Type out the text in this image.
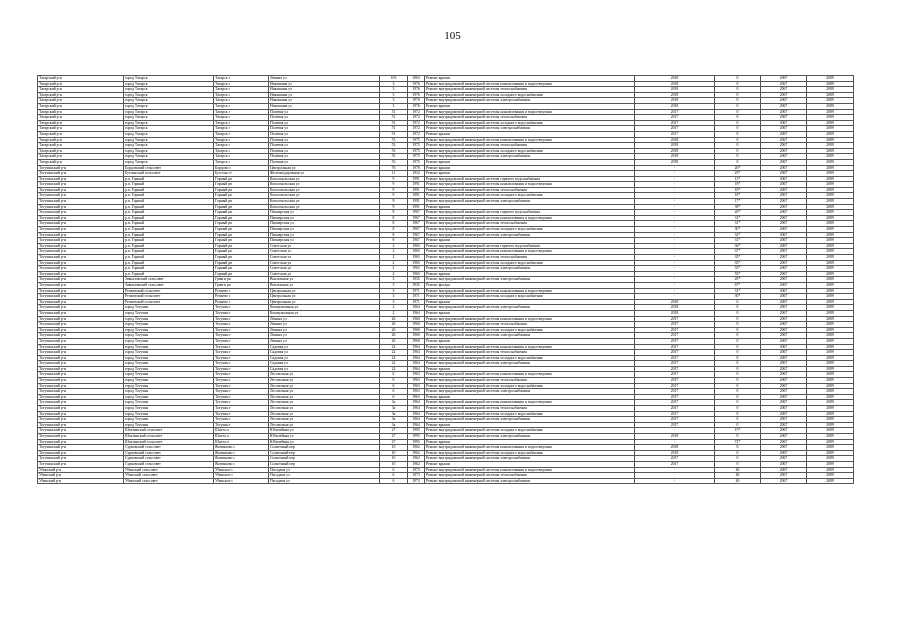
105
Татарский р-н	город Татарск	Татарск г	Ленина ул	103	1963	Ремонт крыши	2018	0	2067	2089
Татарский р-н	город Татарск	Татарск г	Никишина ул	3	1976	Ремонт внутридомовой инженерной системы канализования и водоотведения	2018	0	2067	2089
Татарский р-н	город Татарск	Татарск г	Никишина ул	3	1976	Ремонт внутридомовой инженерной системы теплоснабжения	2018	0	2067	2089
Татарский р-н	город Татарск	Татарск г	Никишина ул	3	1976	Ремонт внутридомовой инженерной системы холодного водоснабжения	2018	0	2067	2089
Татарский р-н	город Татарск	Татарск г	Никишина ул	3	1976	Ремонт внутридомовой инженерной системы электроснабжения	2018	0	2067	2089
Татарский р-н	город Татарск	Татарск г	Никишина ул	3	1976	Ремонт крыши	2018	0	2067	2089
Татарский р-н	город Татарск	Татарск г	Полевая ул	51	1972	Ремонт внутридомовой инженерной системы канализования и водоотведения	2017	0	2067	2089
Татарский р-н	город Татарск	Татарск г	Полевая ул	51	1972	Ремонт внутридомовой инженерной системы теплоснабжения	2017	0	2067	2089
Татарский р-н	город Татарск	Татарск г	Полевая ул	51	1972	Ремонт внутридомовой инженерной системы холодного водоснабжения	2017	0	2067	2089
Татарский р-н	город Татарск	Татарск г	Полевая ул	51	1972	Ремонт внутридомовой инженерной системы электроснабжения	2017	0	2067	2089
Татарский р-н	город Татарск	Татарск г	Полевая ул	51	1972	Ремонт крыши	2017	0	2067	2089
Татарский р-н	город Татарск	Татарск г	Полевая ул	53	1975	Ремонт внутридомовой инженерной системы канализования и водоотведения	2018	0	2067	2089
Татарский р-н	город Татарск	Татарск г	Полевая ул	53	1975	Ремонт внутридомовой инженерной системы теплоснабжения	2018	0	2067	2089
Татарский р-н	город Татарск	Татарск г	Полевая ул	53	1975	Ремонт внутридомовой инженерной системы холодного водоснабжения	2018	0	2067	2089
Татарский р-н	город Татарск	Татарск г	Полевая ул	53	1975	Ремонт внутридомовой инженерной системы электроснабжения	2018	0	2067	2089
Татарский р-н	город Татарск	Татарск г	Полевая ул	53	1975	Ремонт крыши	2018	0	2067	2089
Тогучинский р-н	Борцовский сельсовет	Борцово с	Центральная ул	76	1978	Ремонт крыши	-	20*	2067	2089
Тогучинский р-н	Бутгинский сельсовет	Буготак ст	Железнодорожная ул	11	1932	Ремонт крыши	-	25*	2067	2089
Тогучинский р-н	р.п. Горный	Горный рп	Комсомольская ул	9	1991	Ремонт внутридомовой инженерной системы горячего водоснабжения	-	13*	2067	2089
Тогучинский р-н	р.п. Горный	Горный рп	Комсомольская ул	9	1991	Ремонт внутридомовой инженерной системы канализования и водоотведения	-	18*	2067	2089
Тогучинский р-н	р.п. Горный	Горный рп	Комсомольская ул	9	1991	Ремонт внутридомовой инженерной системы теплоснабжения	-	18*	2067	2089
Тогучинский р-н	р.п. Горный	Горный рп	Комсомольская ул	9	1991	Ремонт внутридомовой инженерной системы холодного водоснабжения	-	18*	2067	2089
Тогучинский р-н	р.п. Горный	Горный рп	Комсомольская ул	9	1991	Ремонт внутридомовой инженерной системы электроснабжения	-	17*	2067	2089
Тогучинский р-н	р.п. Горный	Горный рп	Комсомольская ул	9	1991	Ремонт крыши	-	39*	2067	2089
Тогучинский р-н	р.п. Горный	Горный рп	Пионерская ул	8	1967	Ремонт внутридомовой инженерной системы горячего водоснабжения	-	20*	2067	2089
Тогучинский р-н	р.п. Горный	Горный рп	Пионерская ул	8	1967	Ремонт внутридомовой инженерной системы канализования и водоотведения	-	31*	2067	2089
Тогучинский р-н	р.п. Горный	Горный рп	Пионерская ул	8	1967	Ремонт внутридомовой инженерной системы теплоснабжения	-	31*	2067	2089
Тогучинский р-н	р.п. Горный	Горный рп	Пионерская ул	8	1967	Ремонт внутридомовой инженерной системы холодного водоснабжения	-	30*	2067	2089
Тогучинский р-н	р.п. Горный	Горный рп	Пионерская ул	8	1967	Ремонт внутридомовой инженерной системы электроснабжения	-	32*	2067	2089
Тогучинский р-н	р.п. Горный	Горный рп	Пионерская ул	8	1967	Ремонт крыши	-	31*	2067	2089
Тогучинский р-н	р.п. Горный	Горный рп	Советская ул	2	1965	Ремонт внутридомовой инженерной системы горячего водоснабжения	-	36*	2067	2089
Тогучинский р-н	р.п. Горный	Горный рп	Советская ул	2	1965	Ремонт внутридомовой инженерной системы канализования и водоотведения	-	37*	2067	2089
Тогучинский р-н	р.п. Горный	Горный рп	Советская ул	2	1965	Ремонт внутридомовой инженерной системы теплоснабжения	-	35*	2067	2089
Тогучинский р-н	р.п. Горный	Горный рп	Советская ул	2	1965	Ремонт внутридомовой инженерной системы холодного водоснабжения	-	35*	2067	2089
Тогучинский р-н	р.п. Горный	Горный рп	Советская ул	2	1965	Ремонт внутридомовой инженерной системы электроснабжения	-	35*	2067	2089
Тогучинский р-н	р.п. Горный	Горный рп	Советская ул	2	1965	Ремонт крыши	-	55*	2067	2089
Тогучинский р-н	Завьяловский сельсовет	Гравги рп	Вокзальная ул	3	1935	Ремонт внутридомовой инженерной системы электроснабжения	-	49*	2067	2089
Тогучинский р-н	Завьяловский сельсовет	Гравги рп	Вокзальная ул	3	1935	Ремонт фасада	-	67*	2067	2089
Тогучинский р-н	Репьевский сельсовет	Репьево с	Центральная ул	3	1971	Ремонт внутридомовой инженерной системы канализования и водоотведения	-	31*	2067	2089
Тогучинский р-н	Репьевский сельсовет	Репьево с	Центральная ул	3	1971	Ремонт внутридомовой инженерной системы холодного водоснабжения	-	30*	2067	2089
Тогучинский р-н	Репьевский сельсовет	Репьево с	Центральная ул	3	1971	Ремонт крыши	2018	0	2067	2089
Тогучинский р-н	город Тогучин	Тогучин г	Коммунальная ул	2	1964	Ремонт внутридомовой инженерной системы электроснабжения	2018	0	2067	2089
Тогучинский р-н	город Тогучин	Тогучин г	Коммунальная ул	2	1964	Ремонт крыши	2018	0	2067	2089
Тогучинский р-н	город Тогучин	Тогучин г	Ленина ул	26	1960	Ремонт внутридомовой инженерной системы канализования и водоотведения	2017	0	2067	2089
Тогучинский р-н	город Тогучин	Тогучин г	Ленина ул	26	1960	Ремонт внутридомовой инженерной системы теплоснабжения	2017	0	2067	2089
Тогучинский р-н	город Тогучин	Тогучин г	Ленина ул	26	1960	Ремонт внутридомовой инженерной системы холодного водоснабжения	2017	0	2067	2089
Тогучинский р-н	город Тогучин	Тогучин г	Ленина ул	26	1960	Ремонт внутридомовой инженерной системы электроснабжения	2017	0	2067	2089
Тогучинский р-н	город Тогучин	Тогучин г	Ленина ул	26	1960	Ремонт крыши	2017	0	2067	2089
Тогучинский р-н	город Тогучин	Тогучин г	Садовая ул	22	1964	Ремонт внутридомовой инженерной системы канализования и водоотведения	2017	0	2067	2089
Тогучинский р-н	город Тогучин	Тогучин г	Садовая ул	22	1964	Ремонт внутридомовой инженерной системы теплоснабжения	2017	0	2067	2089
Тогучинский р-н	город Тогучин	Тогучин г	Садовая ул	22	1964	Ремонт внутридомовой инженерной системы холодного водоснабжения	2017	0	2067	2089
Тогучинский р-н	город Тогучин	Тогучин г	Садовая ул	22	1964	Ремонт внутридомовой инженерной системы электроснабжения	2017	0	2067	2089
Тогучинский р-н	город Тогучин	Тогучин г	Садовая ул	22	1964	Ремонт крыши	2017	0	2067	2089
Тогучинский р-н	город Тогучин	Тогучин г	Лесовозная ул	6	1963	Ремонт внутридомовой инженерной системы канализования и водоотведения	2017	0	2067	2089
Тогучинский р-н	город Тогучин	Тогучин г	Лесовозная ул	6	1963	Ремонт внутридомовой инженерной системы теплоснабжения	2017	0	2067	2089
Тогучинский р-н	город Тогучин	Тогучин г	Лесовозная ул	6	1963	Ремонт внутридомовой инженерной системы холодного водоснабжения	2017	0	2067	2089
Тогучинский р-н	город Тогучин	Тогучин г	Лесовозная ул	6	1963	Ремонт внутридомовой инженерной системы электроснабжения	2017	0	2067	2089
Тогучинский р-н	город Тогучин	Тогучин г	Лесовозная ул	6	1963	Ремонт крыши	2017	0	2067	2089
Тогучинский р-н	город Тогучин	Тогучин г	Лесовозная ул	3а	1964	Ремонт внутридомовой инженерной системы канализования и водоотведения	2017	0	2067	2089
Тогучинский р-н	город Тогучин	Тогучин г	Лесовозная ул	3а	1964	Ремонт внутридомовой инженерной системы теплоснабжения	2017	0	2067	2089
Тогучинский р-н	город Тогучин	Тогучин г	Лесовозная ул	3а	1964	Ремонт внутридомовой инженерной системы холодного водоснабжения	2017	0	2067	2089
Тогучинский р-н	город Тогучин	Тогучин г	Лесовозная ул	3а	1964	Ремонт внутридомовой инженерной системы электроснабжения	2017	0	2067	2089
Тогучинский р-н	город Тогучин	Тогучин г	Лесовозная ул	3а	1964	Ремонт крыши	2017	0	2067	2089
Тогучинский р-н	Шахтинский сельсовет	Шахта п	Юбилейная ул	27	1995	Ремонт внутридомовой инженерной системы холодного водоснабжения	-	15*	2067	2089
Тогучинский р-н	Шахтинский сельсовет	Шахта п	Юбилейная ул	27	1995	Ремонт внутридомовой инженерной системы электроснабжения	2018	0	2067	2089
Тогучинский р-н	Шахтинский сельсовет	Шахта п	Юбилейная ул	27	1995	Ремонт крыши	-	72*	2067	2089
Тогучинский р-н	Сурковский сельсовет	Янченково с	Солнечный пер	10	1962	Ремонт внутридомовой инженерной системы канализования и водоотведения	2018	0	2067	2089
Тогучинский р-н	Сурковский сельсовет	Янченково с	Солнечный пер	10	1962	Ремонт внутридомовой инженерной системы холодного водоснабжения	2018	0	2067	2089
Тогучинский р-н	Сурковский сельсовет	Янченково с	Солнечный пер	10	1962	Ремонт внутридомовой инженерной системы электроснабжения	2017	0	2067	2089
Тогучинский р-н	Сурковский сельсовет	Янченково с	Солнечный пер	10	1962	Ремонт крыши	2017	0	2067	2089
Убинский р-н	Убинский сельсовет	Убинское с	Пасадена ул	6	1973	Ремонт внутридомовой инженерной системы канализования и водоотведения	-	40	2067	2089
Убинский р-н	Убинский сельсовет	Убинское с	Пасадена ул	6	1973	Ремонт внутридомовой инженерной системы теплоснабжения	-	40	2067	2089
Убинский р-н	Убинский сельсовет	Убинское с	Пасадена ул	6	1973	Ремонт внутридомовой инженерной системы электроснабжения	-	40	2067	2089
